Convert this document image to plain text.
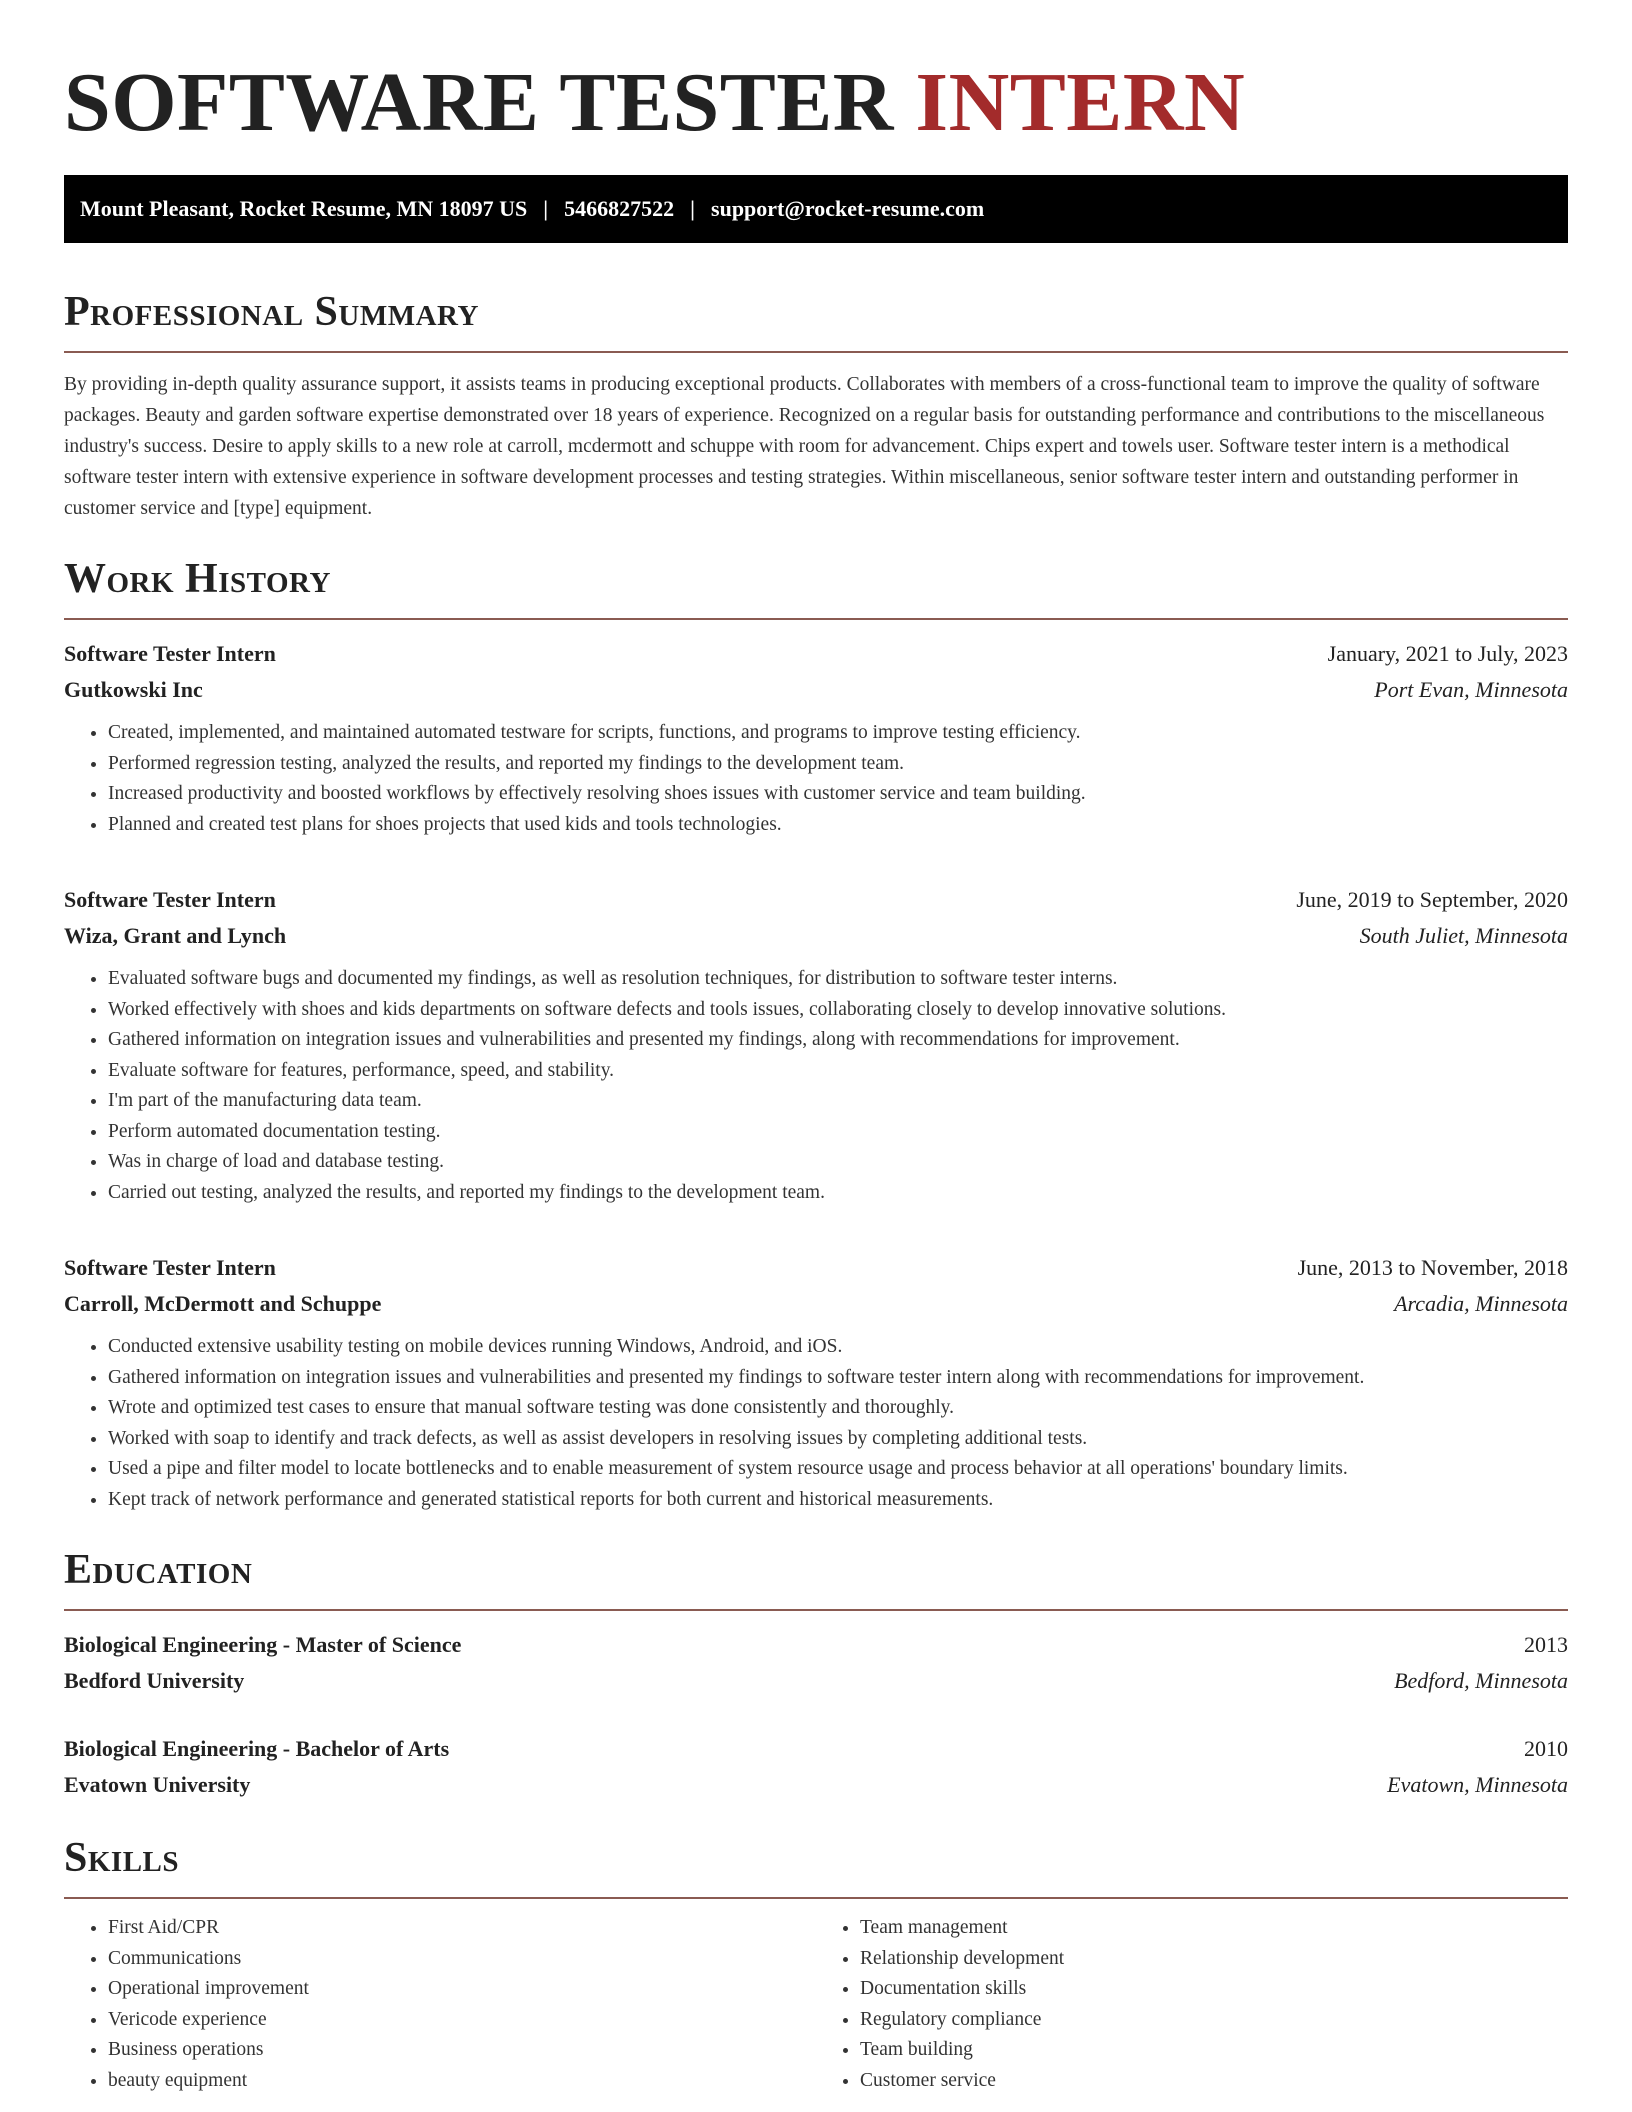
SOFTWARE TESTER INTERN
Mount Pleasant, Rocket Resume, MN 18097 US | 5466827522 | support@rocket-resume.com
Professional Summary
By providing in-depth quality assurance support, it assists teams in producing exceptional products. Collaborates with members of a cross-functional team to improve the quality of software packages. Beauty and garden software expertise demonstrated over 18 years of experience. Recognized on a regular basis for outstanding performance and contributions to the miscellaneous industry's success. Desire to apply skills to a new role at carroll, mcdermott and schuppe with room for advancement. Chips expert and towels user. Software tester intern is a methodical software tester intern with extensive experience in software development processes and testing strategies. Within miscellaneous, senior software tester intern and outstanding performer in customer service and [type] equipment.
Work History
Software Tester Intern	January, 2021 to July, 2023
Gutkowski Inc	Port Evan, Minnesota
• Created, implemented, and maintained automated testware for scripts, functions, and programs to improve testing efficiency.
• Performed regression testing, analyzed the results, and reported my findings to the development team.
• Increased productivity and boosted workflows by effectively resolving shoes issues with customer service and team building.
• Planned and created test plans for shoes projects that used kids and tools technologies.
Software Tester Intern	June, 2019 to September, 2020
Wiza, Grant and Lynch	South Juliet, Minnesota
• Evaluated software bugs and documented my findings, as well as resolution techniques, for distribution to software tester interns.
• Worked effectively with shoes and kids departments on software defects and tools issues, collaborating closely to develop innovative solutions.
• Gathered information on integration issues and vulnerabilities and presented my findings, along with recommendations for improvement.
• Evaluate software for features, performance, speed, and stability.
• I'm part of the manufacturing data team.
• Perform automated documentation testing.
• Was in charge of load and database testing.
• Carried out testing, analyzed the results, and reported my findings to the development team.
Software Tester Intern	June, 2013 to November, 2018
Carroll, McDermott and Schuppe	Arcadia, Minnesota
• Conducted extensive usability testing on mobile devices running Windows, Android, and iOS.
• Gathered information on integration issues and vulnerabilities and presented my findings to software tester intern along with recommendations for improvement.
• Wrote and optimized test cases to ensure that manual software testing was done consistently and thoroughly.
• Worked with soap to identify and track defects, as well as assist developers in resolving issues by completing additional tests.
• Used a pipe and filter model to locate bottlenecks and to enable measurement of system resource usage and process behavior at all operations' boundary limits.
• Kept track of network performance and generated statistical reports for both current and historical measurements.
Education
Biological Engineering - Master of Science	2013
Bedford University	Bedford, Minnesota
Biological Engineering - Bachelor of Arts	2010
Evatown University	Evatown, Minnesota
Skills
• First Aid/CPR
• Communications
• Operational improvement
• Vericode experience
• Business operations
• beauty equipment
• Team management
• Relationship development
• Documentation skills
• Regulatory compliance
• Team building
• Customer service
